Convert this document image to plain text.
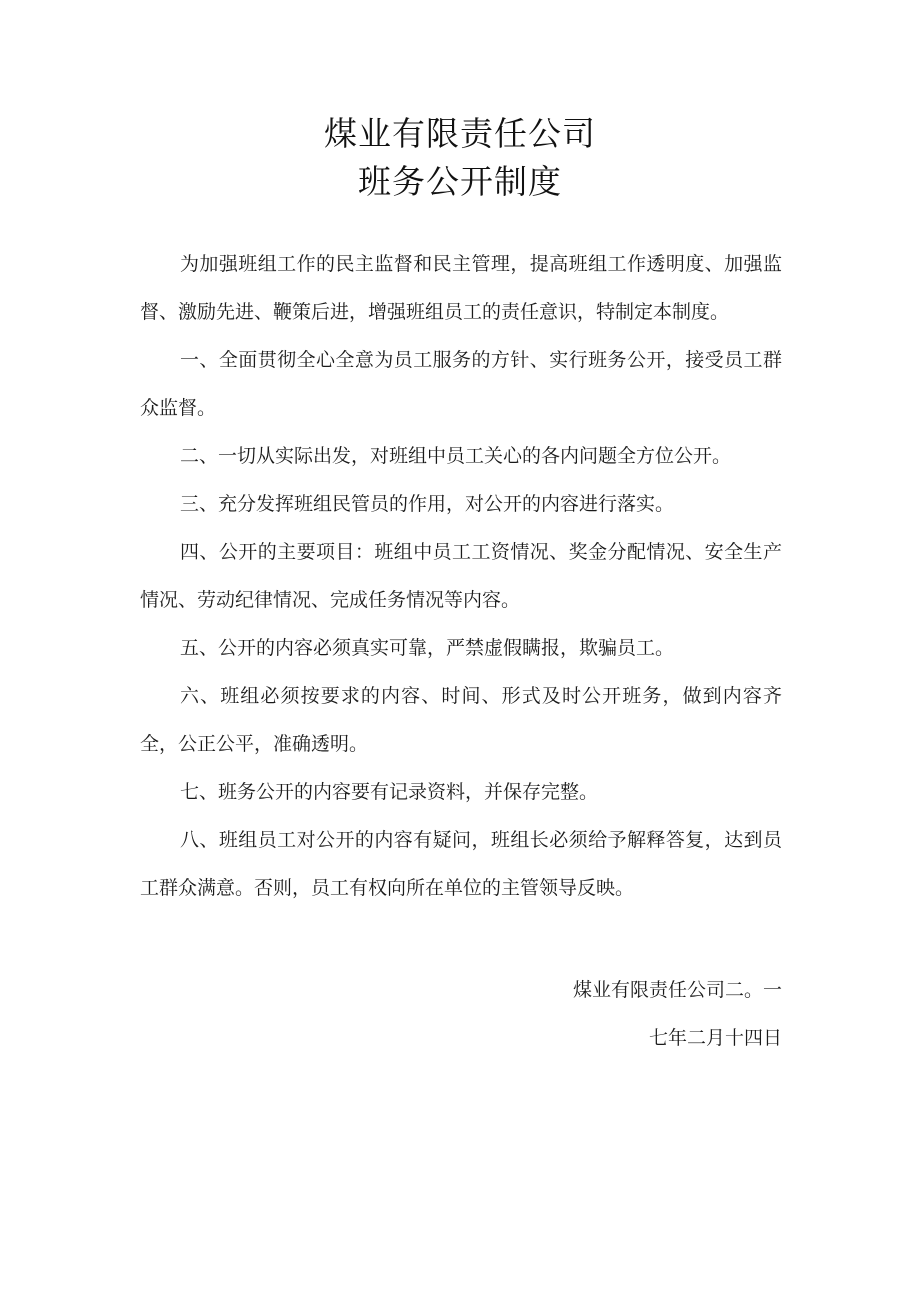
煤业有限责任公司
班务公开制度

为加强班组工作的民主监督和民主管理，提高班组工作透明度、加强监督、激励先进、鞭策后进，增强班组员工的责任意识，特制定本制度。

一、全面贯彻全心全意为员工服务的方针、实行班务公开，接受员工群众监督。

二、一切从实际出发，对班组中员工关心的各内问题全方位公开。

三、充分发挥班组民管员的作用，对公开的内容进行落实。

四、公开的主要项目：班组中员工工资情况、奖金分配情况、安全生产情况、劳动纪律情况、完成任务情况等内容。

五、公开的内容必须真实可靠，严禁虚假瞒报，欺骗员工。

六、班组必须按要求的内容、时间、形式及时公开班务，做到内容齐全，公正公平，准确透明。

七、班务公开的内容要有记录资料，并保存完整。

八、班组员工对公开的内容有疑问，班组长必须给予解释答复，达到员工群众满意。否则，员工有权向所在单位的主管领导反映。

煤业有限责任公司二。一
七年二月十四日
